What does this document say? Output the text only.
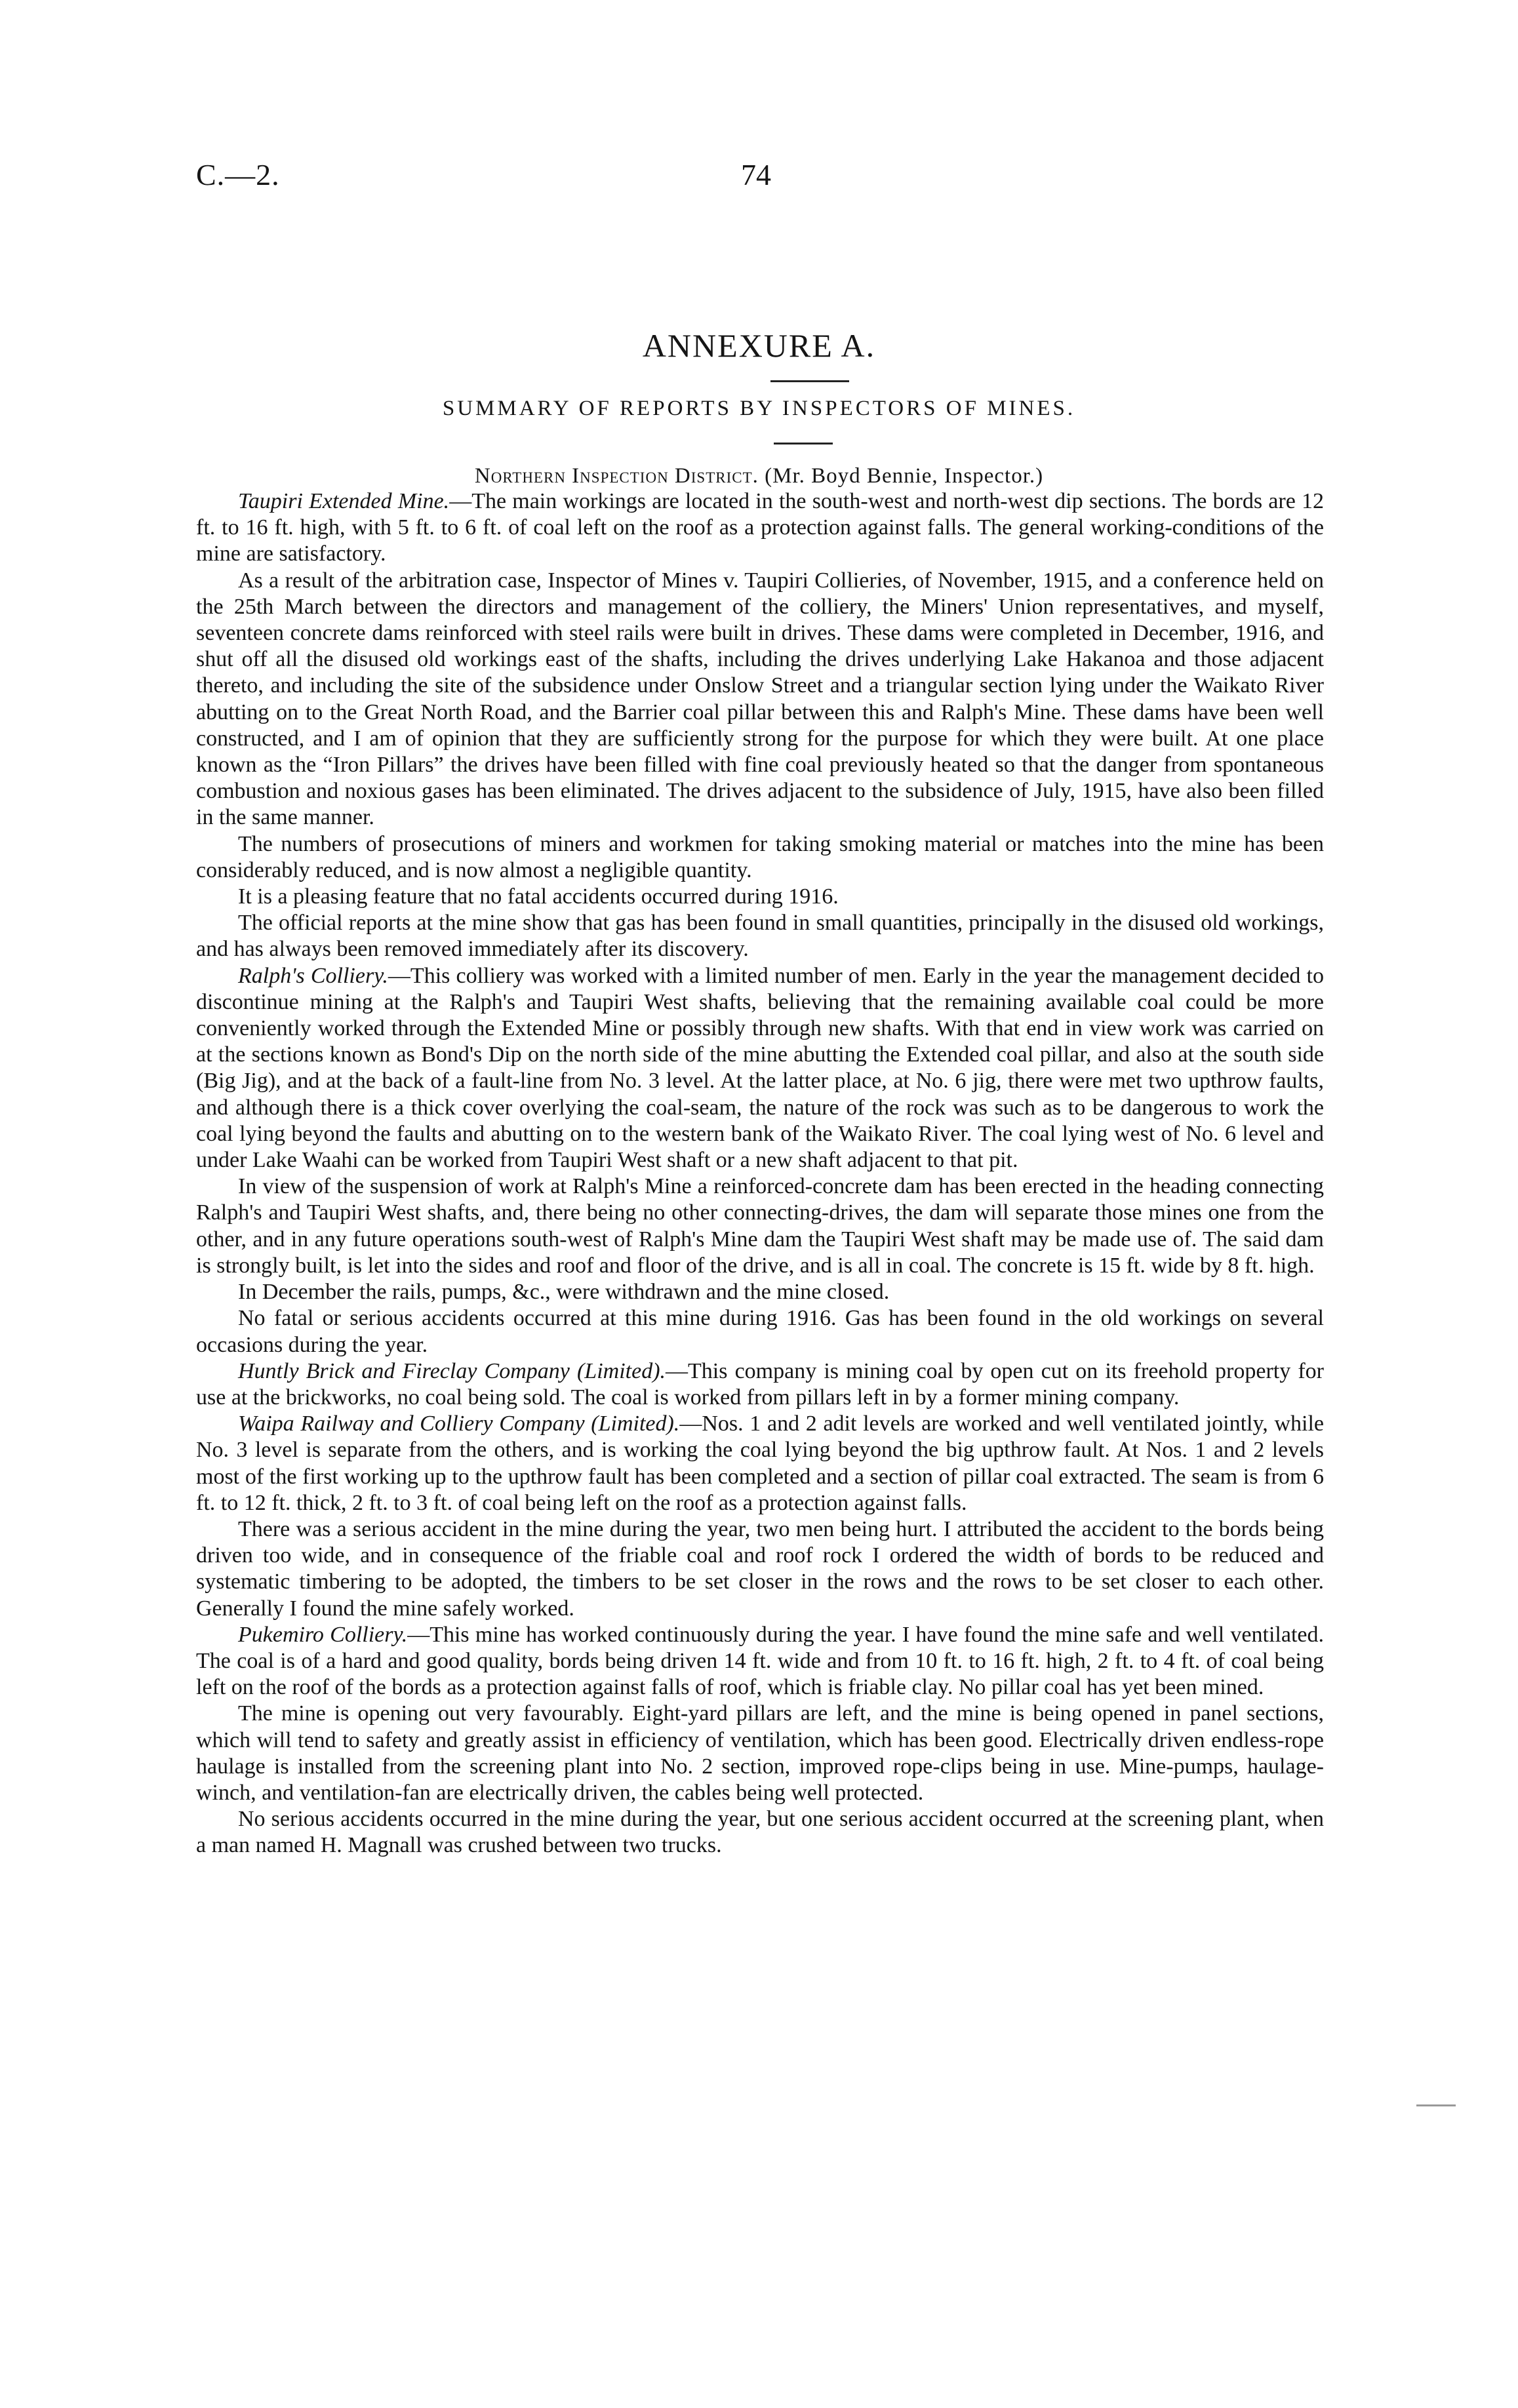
C.—2.	74
ANNEXURE A.
SUMMARY OF REPORTS BY INSPECTORS OF MINES.
Northern Inspection District. (Mr. Boyd Bennie, Inspector.)

Taupiri Extended Mine.—The main workings are located in the south-west and north-west dip sections. The bords are 12 ft. to 16 ft. high, with 5 ft. to 6 ft. of coal left on the roof as a protection against falls. The general working-conditions of the mine are satisfactory.

As a result of the arbitration case, Inspector of Mines v. Taupiri Collieries, of November, 1915, and a conference held on the 25th March between the directors and management of the colliery, the Miners' Union representatives, and myself, seventeen concrete dams reinforced with steel rails were built in drives. These dams were completed in December, 1916, and shut off all the disused old workings east of the shafts, including the drives underlying Lake Hakanoa and those adjacent thereto, and including the site of the subsidence under Onslow Street and a triangular section lying under the Waikato River abutting on to the Great North Road, and the Barrier coal pillar between this and Ralph's Mine. These dams have been well constructed, and I am of opinion that they are sufficiently strong for the purpose for which they were built. At one place known as the “Iron Pillars” the drives have been filled with fine coal previously heated so that the danger from spontaneous combustion and noxious gases has been eliminated. The drives adjacent to the subsidence of July, 1915, have also been filled in the same manner.

The numbers of prosecutions of miners and workmen for taking smoking material or matches into the mine has been considerably reduced, and is now almost a negligible quantity.

It is a pleasing feature that no fatal accidents occurred during 1916.

The official reports at the mine show that gas has been found in small quantities, principally in the disused old workings, and has always been removed immediately after its discovery.

Ralph's Colliery.—This colliery was worked with a limited number of men. Early in the year the management decided to discontinue mining at the Ralph's and Taupiri West shafts, believing that the remaining available coal could be more conveniently worked through the Extended Mine or possibly through new shafts. With that end in view work was carried on at the sections known as Bond's Dip on the north side of the mine abutting the Extended coal pillar, and also at the south side (Big Jig), and at the back of a fault-line from No. 3 level. At the latter place, at No. 6 jig, there were met two upthrow faults, and although there is a thick cover overlying the coal-seam, the nature of the rock was such as to be dangerous to work the coal lying beyond the faults and abutting on to the western bank of the Waikato River. The coal lying west of No. 6 level and under Lake Waahi can be worked from Taupiri West shaft or a new shaft adjacent to that pit.

In view of the suspension of work at Ralph's Mine a reinforced-concrete dam has been erected in the heading connecting Ralph's and Taupiri West shafts, and, there being no other connecting-drives, the dam will separate those mines one from the other, and in any future operations south-west of Ralph's Mine dam the Taupiri West shaft may be made use of. The said dam is strongly built, is let into the sides and roof and floor of the drive, and is all in coal. The concrete is 15 ft. wide by 8 ft. high.

In December the rails, pumps, &c., were withdrawn and the mine closed.

No fatal or serious accidents occurred at this mine during 1916. Gas has been found in the old workings on several occasions during the year.

Huntly Brick and Fireclay Company (Limited).—This company is mining coal by open cut on its freehold property for use at the brickworks, no coal being sold. The coal is worked from pillars left in by a former mining company.

Waipa Railway and Colliery Company (Limited).—Nos. 1 and 2 adit levels are worked and well ventilated jointly, while No. 3 level is separate from the others, and is working the coal lying beyond the big upthrow fault. At Nos. 1 and 2 levels most of the first working up to the upthrow fault has been completed and a section of pillar coal extracted. The seam is from 6 ft. to 12 ft. thick, 2 ft. to 3 ft. of coal being left on the roof as a protection against falls.

There was a serious accident in the mine during the year, two men being hurt. I attributed the accident to the bords being driven too wide, and in consequence of the friable coal and roof rock I ordered the width of bords to be reduced and systematic timbering to be adopted, the timbers to be set closer in the rows and the rows to be set closer to each other. Generally I found the mine safely worked.

Pukemiro Colliery.—This mine has worked continuously during the year. I have found the mine safe and well ventilated. The coal is of a hard and good quality, bords being driven 14 ft. wide and from 10 ft. to 16 ft. high, 2 ft. to 4 ft. of coal being left on the roof of the bords as a protection against falls of roof, which is friable clay. No pillar coal has yet been mined.

The mine is opening out very favourably. Eight-yard pillars are left, and the mine is being opened in panel sections, which will tend to safety and greatly assist in efficiency of ventilation, which has been good. Electrically driven endless-rope haulage is installed from the screening plant into No. 2 section, improved rope-clips being in use. Mine-pumps, haulage-winch, and ventilation-fan are electrically driven, the cables being well protected.

No serious accidents occurred in the mine during the year, but one serious accident occurred at the screening plant, when a man named H. Magnall was crushed between two trucks.
